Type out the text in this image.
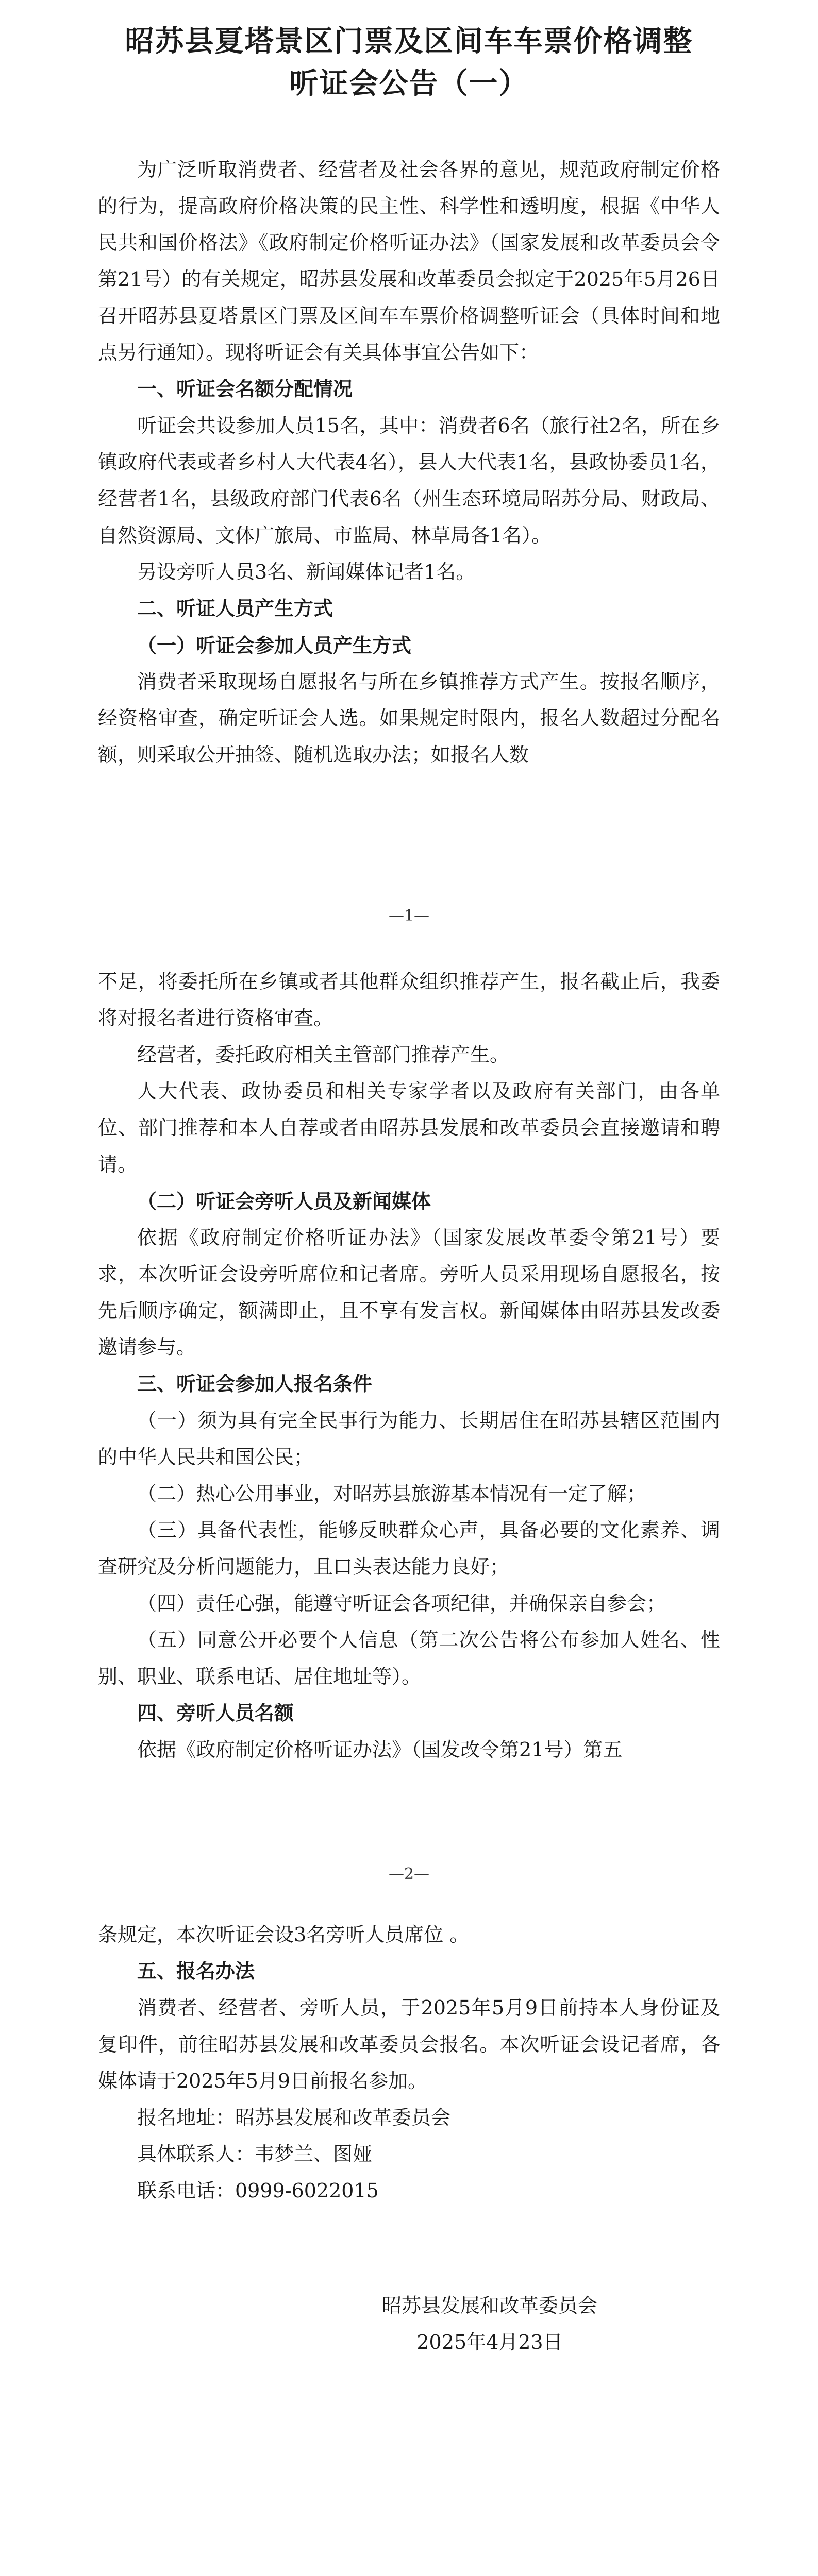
昭苏县夏塔景区门票及区间车车票价格调整
听证会公告（一）

为广泛听取消费者、经营者及社会各界的意见，规范政府制定价格的行为，提高政府价格决策的民主性、科学性和透明度，根据《中华人民共和国价格法》《政府制定价格听证办法》（国家发展和改革委员会令第21号）的有关规定，昭苏县发展和改革委员会拟定于2025年5月26日召开昭苏县夏塔景区门票及区间车车票价格调整听证会（具体时间和地点另行通知）。现将听证会有关具体事宜公告如下：

一、听证会名额分配情况

听证会共设参加人员15名，其中：消费者6名（旅行社2名，所在乡镇政府代表或者乡村人大代表4名），县人大代表1名，县政协委员1名，经营者1名，县级政府部门代表6名（州生态环境局昭苏分局、财政局、自然资源局、文体广旅局、市监局、林草局各1名）。

另设旁听人员3名、新闻媒体记者1名。

二、听证人员产生方式

（一）听证会参加人员产生方式

消费者采取现场自愿报名与所在乡镇推荐方式产生。按报名顺序，经资格审查，确定听证会人选。如果规定时限内，报名人数超过分配名额，则采取公开抽签、随机选取办法；如报名人数

—1—

不足，将委托所在乡镇或者其他群众组织推荐产生，报名截止后，我委将对报名者进行资格审查。

经营者，委托政府相关主管部门推荐产生。

人大代表、政协委员和相关专家学者以及政府有关部门，由各单位、部门推荐和本人自荐或者由昭苏县发展和改革委员会直接邀请和聘请。

（二）听证会旁听人员及新闻媒体

依据《政府制定价格听证办法》（国家发展改革委令第21号）要求，本次听证会设旁听席位和记者席。旁听人员采用现场自愿报名，按先后顺序确定，额满即止，且不享有发言权。新闻媒体由昭苏县发改委邀请参与。

三、听证会参加人报名条件

（一）须为具有完全民事行为能力、长期居住在昭苏县辖区范围内的中华人民共和国公民；

（二）热心公用事业，对昭苏县旅游基本情况有一定了解；

（三）具备代表性，能够反映群众心声，具备必要的文化素养、调查研究及分析问题能力，且口头表达能力良好；

（四）责任心强，能遵守听证会各项纪律，并确保亲自参会；

（五）同意公开必要个人信息（第二次公告将公布参加人姓名、性别、职业、联系电话、居住地址等）。

四、旁听人员名额

依据《政府制定价格听证办法》（国发改令第21号）第五

—2—

条规定，本次听证会设3名旁听人员席位 。

五、报名办法

消费者、经营者、旁听人员，于2025年5月9日前持本人身份证及复印件，前往昭苏县发展和改革委员会报名。本次听证会设记者席，各媒体请于2025年5月9日前报名参加。

报名地址：昭苏县发展和改革委员会

具体联系人：韦梦兰、图娅

联系电话：0999-6022015

昭苏县发展和改革委员会

2025年4月23日
